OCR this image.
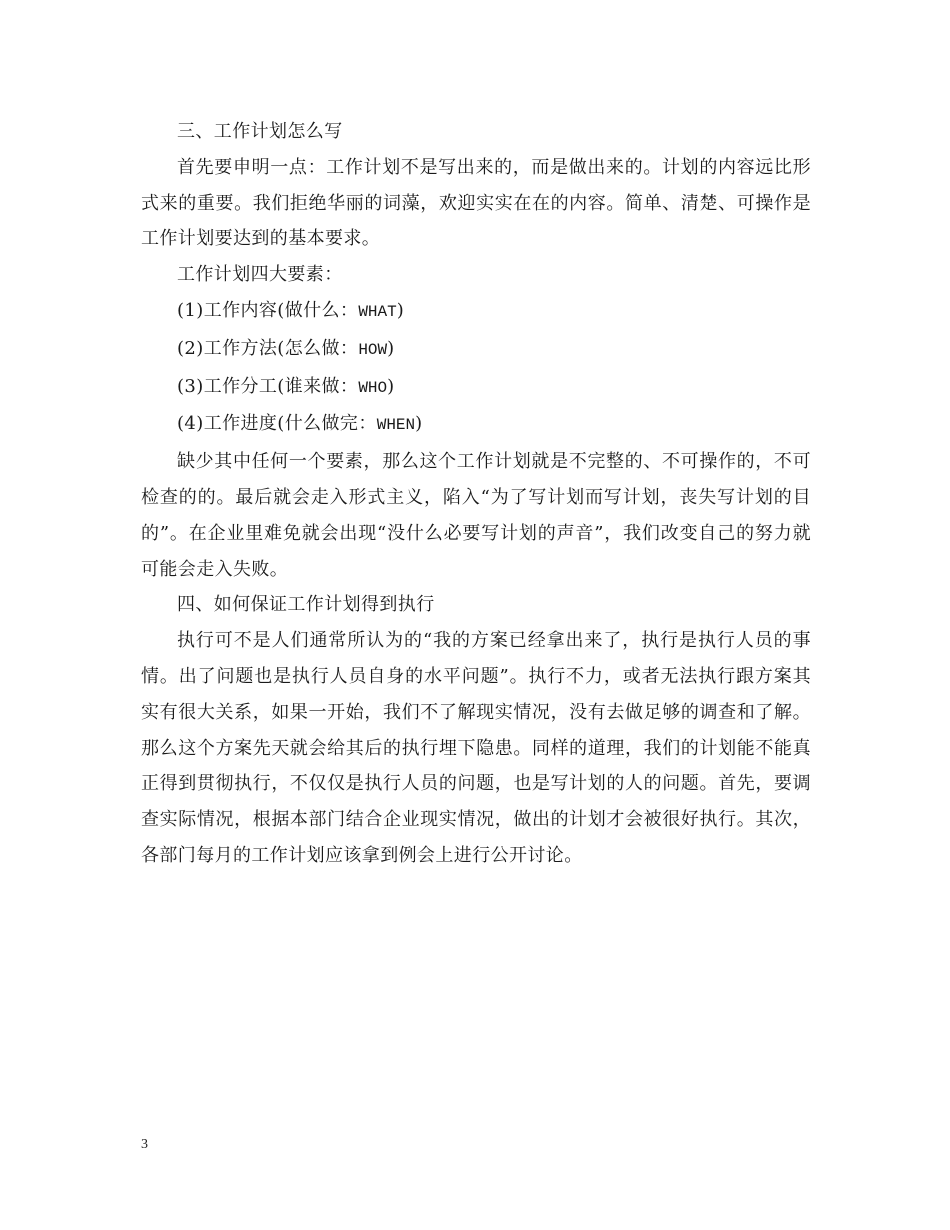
三、工作计划怎么写

首先要申明一点：工作计划不是写出来的，而是做出来的。计划的内容远比形式来的重要。我们拒绝华丽的词藻，欢迎实实在在的内容。简单、清楚、可操作是工作计划要达到的基本要求。

工作计划四大要素：

(1)工作内容(做什么：WHAT)

(2)工作方法(怎么做：HOW)

(3)工作分工(谁来做：WHO)

(4)工作进度(什么做完：WHEN)

缺少其中任何一个要素，那么这个工作计划就是不完整的、不可操作的，不可检查的的。最后就会走入形式主义，陷入“为了写计划而写计划，丧失写计划的目的”。在企业里难免就会出现“没什么必要写计划的声音”，我们改变自己的努力就可能会走入失败。

四、如何保证工作计划得到执行

执行可不是人们通常所认为的“我的方案已经拿出来了，执行是执行人员的事情。出了问题也是执行人员自身的水平问题”。执行不力，或者无法执行跟方案其实有很大关系，如果一开始，我们不了解现实情况，没有去做足够的调查和了解。那么这个方案先天就会给其后的执行埋下隐患。同样的道理，我们的计划能不能真正得到贯彻执行，不仅仅是执行人员的问题，也是写计划的人的问题。首先，要调查实际情况，根据本部门结合企业现实情况，做出的计划才会被很好执行。其次，各部门每月的工作计划应该拿到例会上进行公开讨论。

3
